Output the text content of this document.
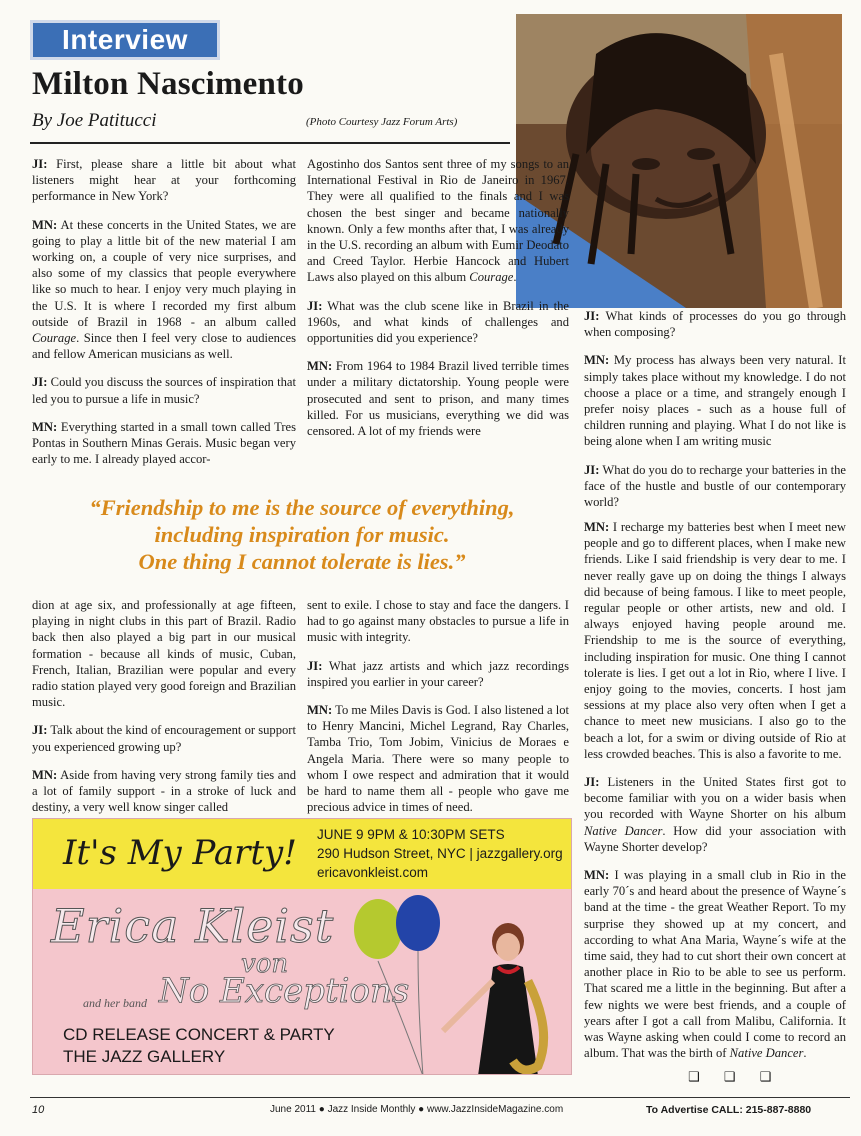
Interview
Milton Nascimento
By Joe Patitucci	(Photo Courtesy Jazz Forum Arts)

JI: First, please share a little bit about what listeners might hear at your forthcoming performance in New York?

MN: At these concerts in the United States, we are going to play a little bit of the new material I am working on, a couple of very nice surprises, and also some of my classics that people everywhere like so much to hear. I enjoy very much playing in the U.S. It is where I recorded my first album outside of Brazil in 1968 - an album called Courage. Since then I feel very close to audiences and fellow American musicians as well.

JI: Could you discuss the sources of inspiration that led you to pursue a life in music?

MN: Everything started in a small town called Tres Pontas in Southern Minas Gerais. Music began very early to me. I already played accor-

Agostinho dos Santos sent three of my songs to an International Festival in Rio de Janeiro in 1967. They were all qualified to the finals and I was chosen the best singer and became nationally known. Only a few months after that, I was already in the U.S. recording an album with Eumir Deodato and Creed Taylor. Herbie Hancock and Hubert Laws also played on this album Courage.

JI: What was the club scene like in Brazil in the 1960s, and what kinds of challenges and opportunities did you experience?

MN: From 1964 to 1984 Brazil lived terrible times under a military dictatorship. Young people were prosecuted and sent to prison, and many times killed. For us musicians, everything we did was censored. A lot of my friends were

JI: What kinds of processes do you go through when composing?

MN: My process has always been very natural. It simply takes place without my knowledge. I do not choose a place or a time, and strangely enough I prefer noisy places - such as a house full of children running and playing. What I do not like is being alone when I am writing music

JI: What do you do to recharge your batteries in the face of the hustle and bustle of our contemporary world?

“Friendship to me is the source of everything,
including inspiration for music.
One thing I cannot tolerate is lies.”

dion at age six, and professionally at age fifteen, playing in night clubs in this part of Brazil. Radio back then also played a big part in our musical formation - because all kinds of music, Cuban, French, Italian, Brazilian were popular and every radio station played very good foreign and Brazilian music.

JI: Talk about the kind of encouragement or support you experienced growing up?

MN: Aside from having very strong family ties and a lot of family support - in a stroke of luck and destiny, a very well know singer called

sent to exile. I chose to stay and face the dangers. I had to go against many obstacles to pursue a life in music with integrity.

JI: What jazz artists and which jazz recordings inspired you earlier in your career?

MN: To me Miles Davis is God. I also listened a lot to Henry Mancini, Michel Legrand, Ray Charles, Tamba Trio, Tom Jobim, Vinicius de Moraes e Angela Maria. There were so many people to whom I owe respect and admiration that it would be hard to name them all - people who gave me precious advice in times of need.

MN: I recharge my batteries best when I meet new people and go to different places, when I make new friends. Like I said friendship is very dear to me. I never really gave up on doing the things I always did because of being famous. I like to meet people, regular people or other artists, new and old. I always enjoyed having people around me. Friendship to me is the source of everything, including inspiration for music. One thing I cannot tolerate is lies. I get out a lot in Rio, where I live. I enjoy going to the movies, concerts. I host jam sessions at my place also very often when I get a chance to meet new musicians. I also go to the beach a lot, for a swim or diving outside of Rio at less crowded beaches. This is also a favorite to me.

JI: Listeners in the United States first got to become familiar with you on a wider basis when you recorded with Wayne Shorter on his album Native Dancer. How did your association with Wayne Shorter develop?

MN: I was playing in a small club in Rio in the early 70´s and heard about the presence of Wayne´s band at the time - the great Weather Report. To my surprise they showed up at my concert, and according to what Ana Maria, Wayne´s wife at the time said, they had to cut short their own concert at another place in Rio to be able to see us perform. That scared me a little in the beginning. But after a few nights we were best friends, and a couple of years after I got a call from Malibu, California. It was Wayne asking when could I come to record an album. That was the birth of Native Dancer.

It's My Party! JUNE 9 9PM & 10:30PM SETS
290 Hudson Street, NYC | jazzgallery.org
ericavonkleist.com
Erica Kleist
von
and her band No Exceptions
CD RELEASE CONCERT & PARTY
THE JAZZ GALLERY
❑ ❑ ❑
10	June 2011 ● Jazz Inside Monthly ● www.JazzInsideMagazine.com	To Advertise CALL: 215-887-8880
